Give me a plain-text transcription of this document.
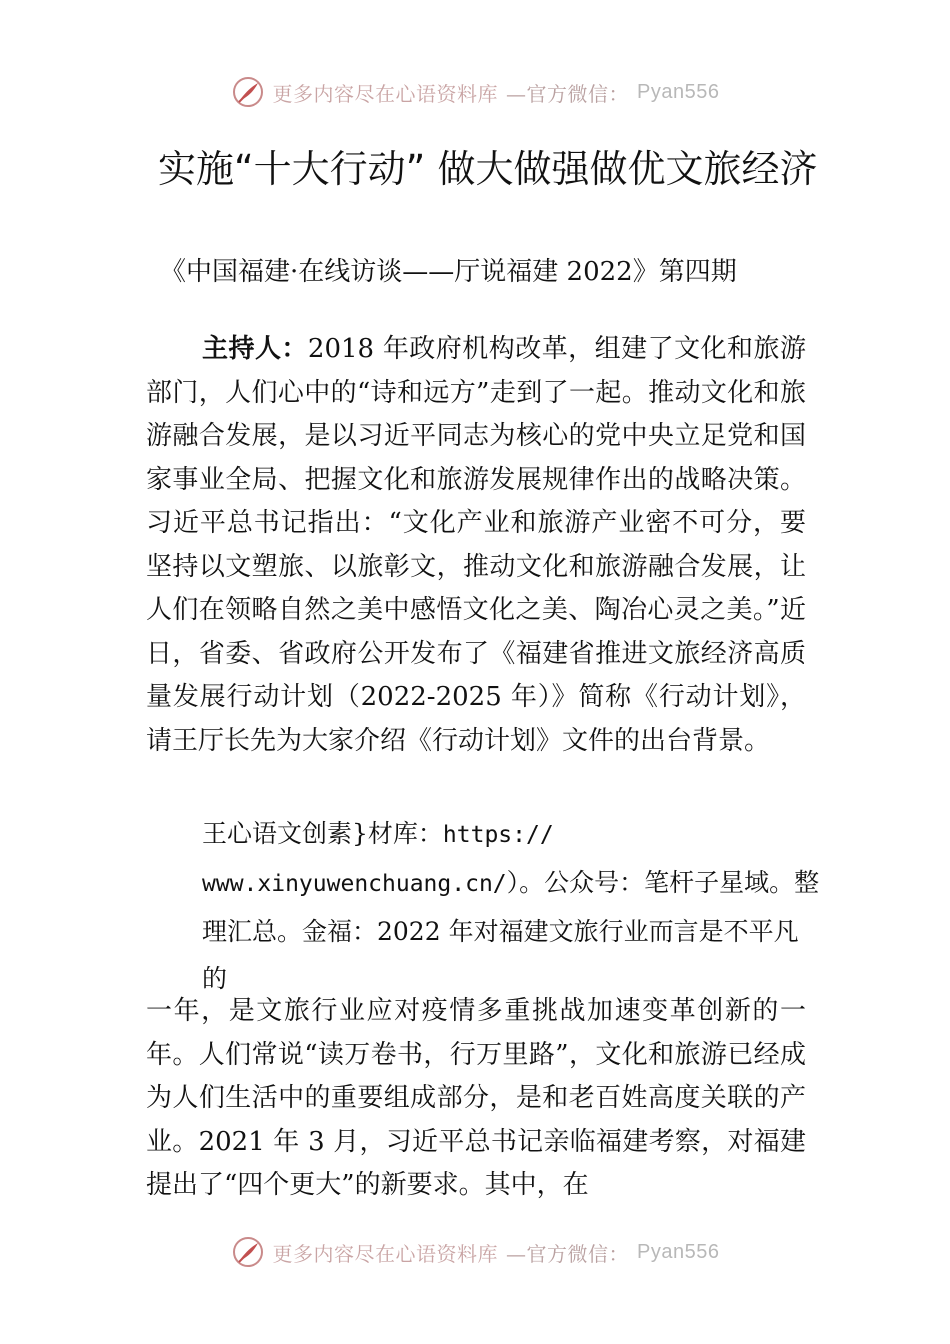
更多内容尽在心语资料库 —官方微信： Pyan556
实施“十大行动” 做大做强做优文旅经济
《中国福建·在线访谈——厅说福建 2022》第四期

主持人：2018 年政府机构改革，组建了文化和旅游部门，人们心中的“诗和远方”走到了一起。推动文化和旅游融合发展，是以习近平同志为核心的党中央立足党和国家事业全局、把握文化和旅游发展规律作出的战略决策。习近平总书记指出：“文化产业和旅游产业密不可分，要坚持以文塑旅、以旅彰文，推动文化和旅游融合发展，让人们在领略自然之美中感悟文化之美、陶冶心灵之美。”近日，省委、省政府公开发布了《福建省推进文旅经济高质量发展行动计划（2022-2025 年）》简称《行动计划》，请王厅长先为大家介绍《行动计划》文件的出台背景。

王心语文创素}材库：https:// www.xinyuwenchuang.cn/）。公众号：笔杆子星域。整理汇总。金福：2022 年对福建文旅行业而言是不平凡的

一年，是文旅行业应对疫情多重挑战加速变革创新的一年。人们常说“读万卷书，行万里路”，文化和旅游已经成为人们生活中的重要组成部分，是和老百姓高度关联的产业。2021 年 3 月，习近平总书记亲临福建考察，对福建提出了“四个更大”的新要求。其中，在

更多内容尽在心语资料库 —官方微信： Pyan556
